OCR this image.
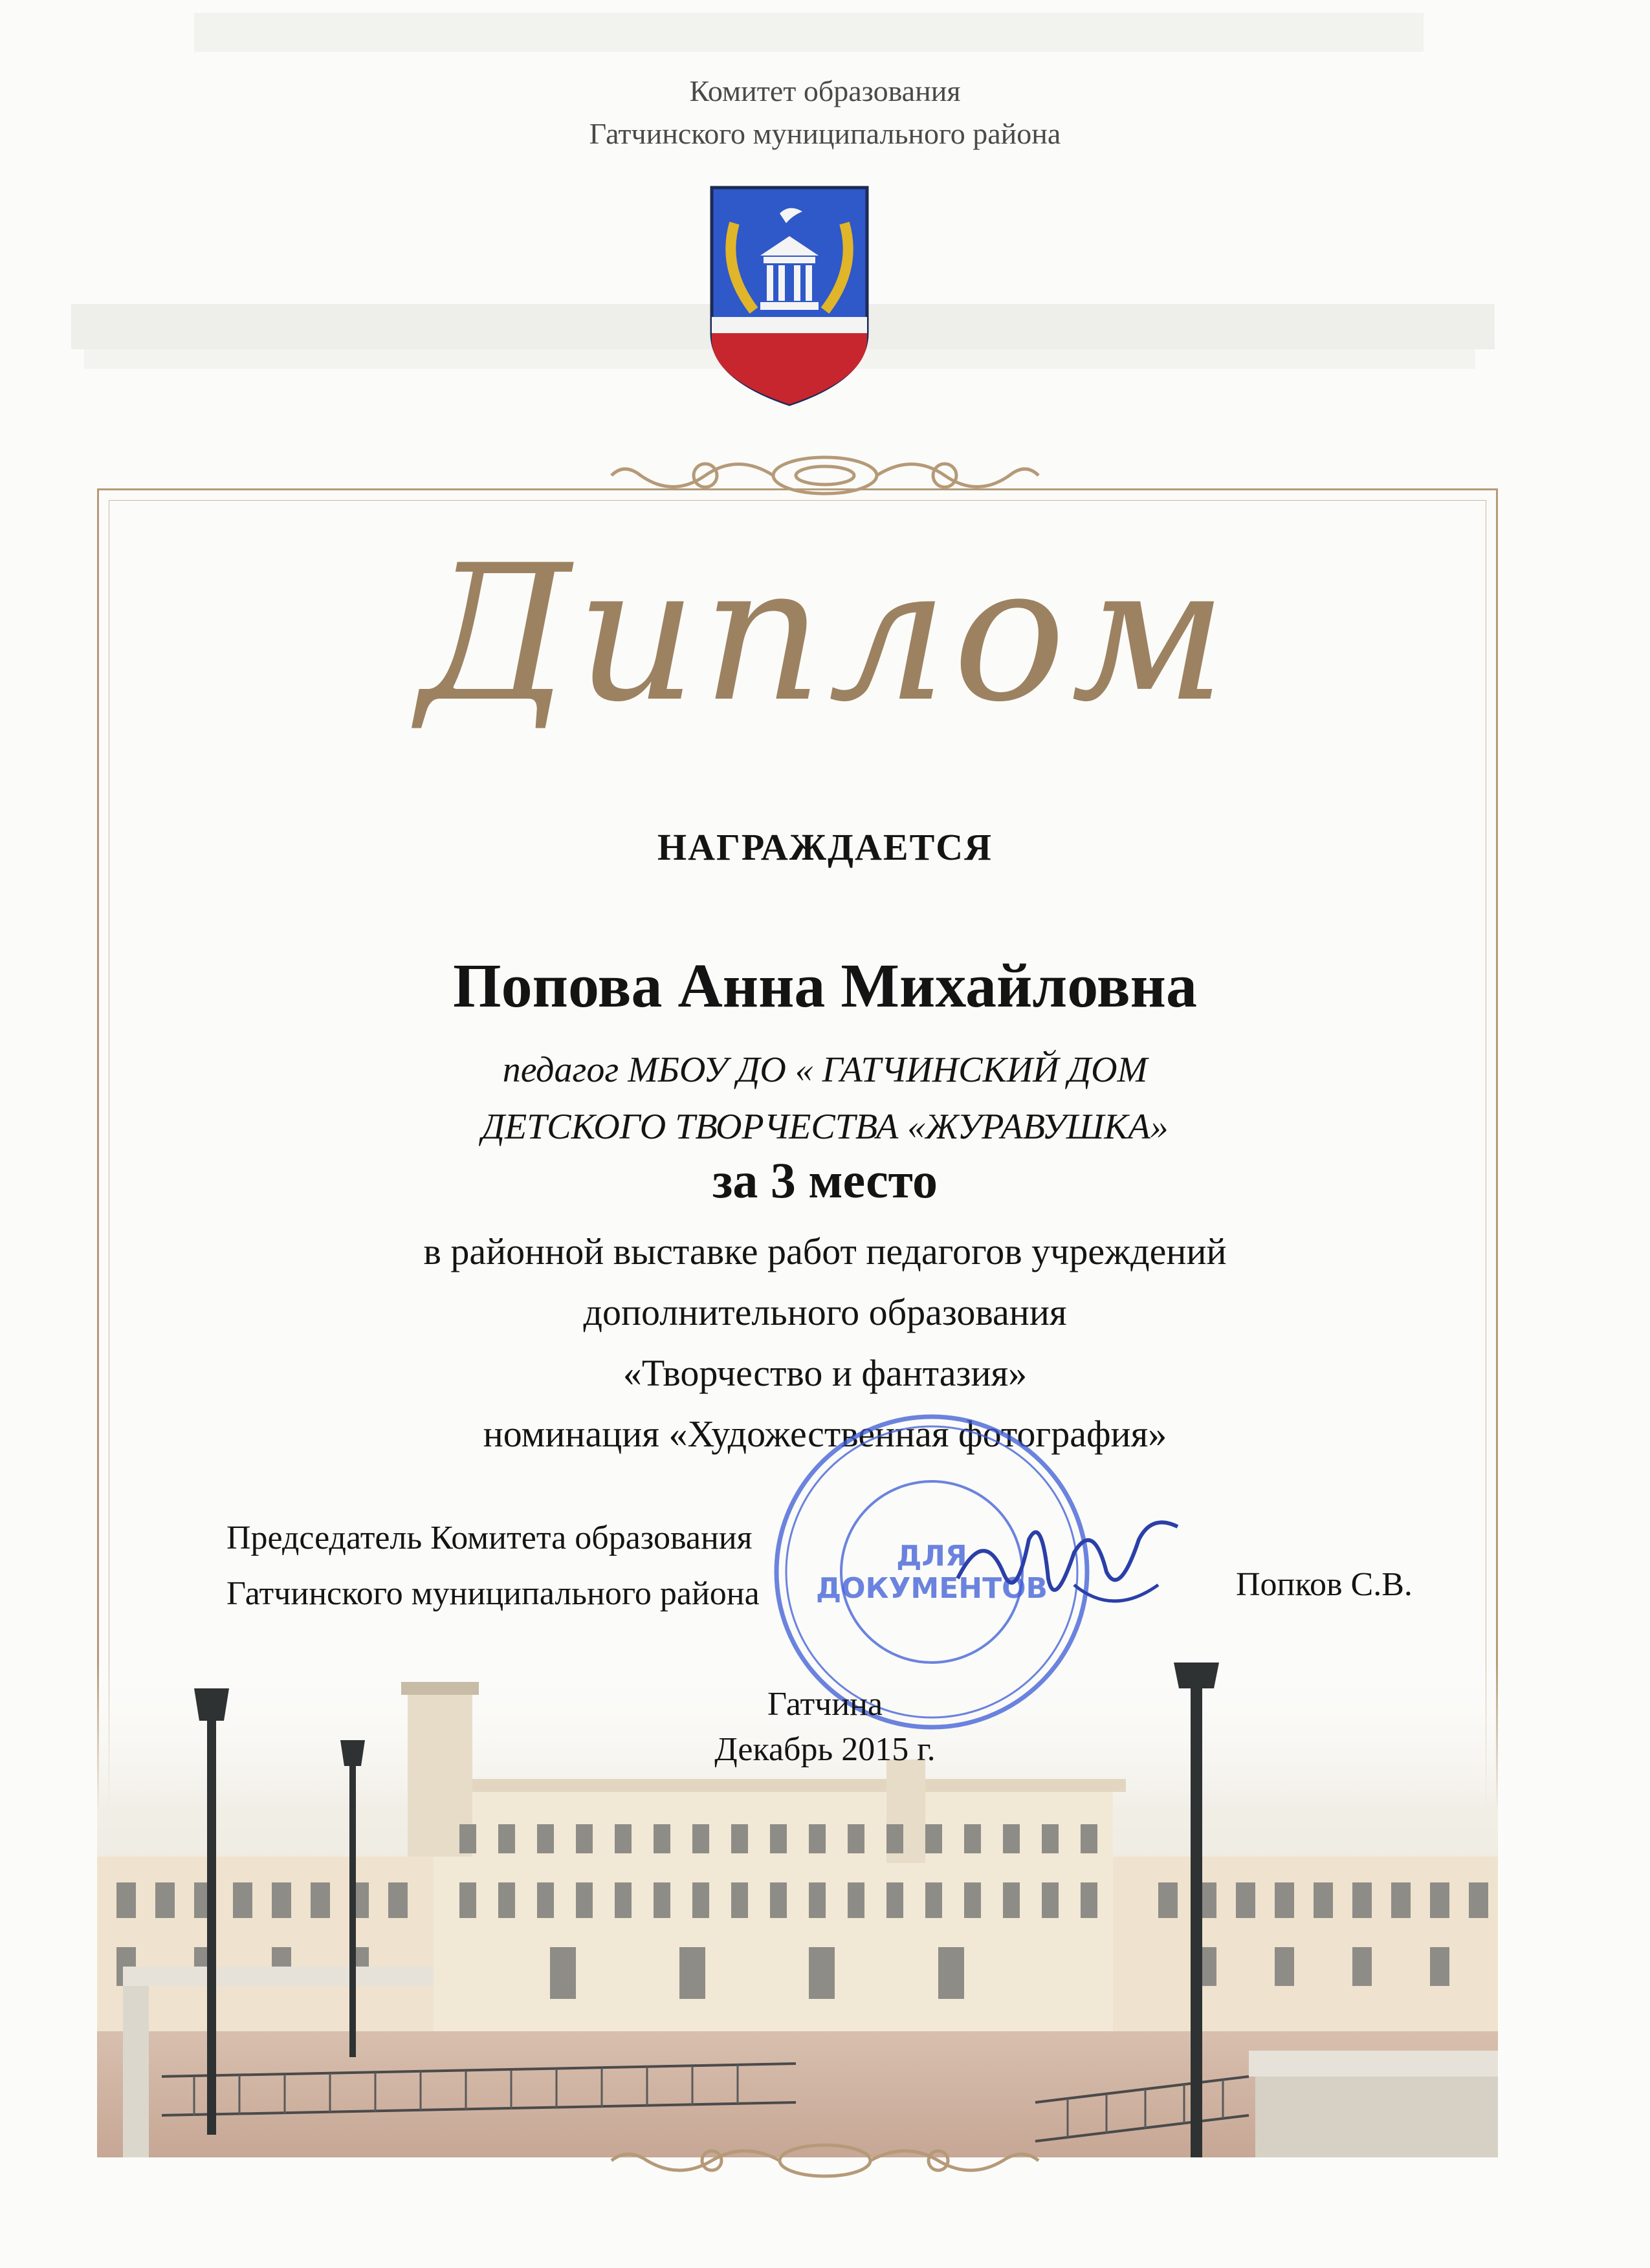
Комитет образования
Гатчинского муниципального района
Диплом
НАГРАЖДАЕТСЯ
Попова Анна Михайловна
педагог МБОУ ДО « ГАТЧИНСКИЙ ДОМ
ДЕТСКОГО ТВОРЧЕСТВА «ЖУРАВУШКА»
за 3 место
в районной выставке работ педагогов учреждений
дополнительного образования
«Творчество и фантазия»
номинация «Художественная фотография»
ДЛЯ
ДОКУМЕНТОВ
Председатель Комитета образования
Гатчинского муниципального района	Попков С.В.
Гатчина
Декабрь 2015 г.
